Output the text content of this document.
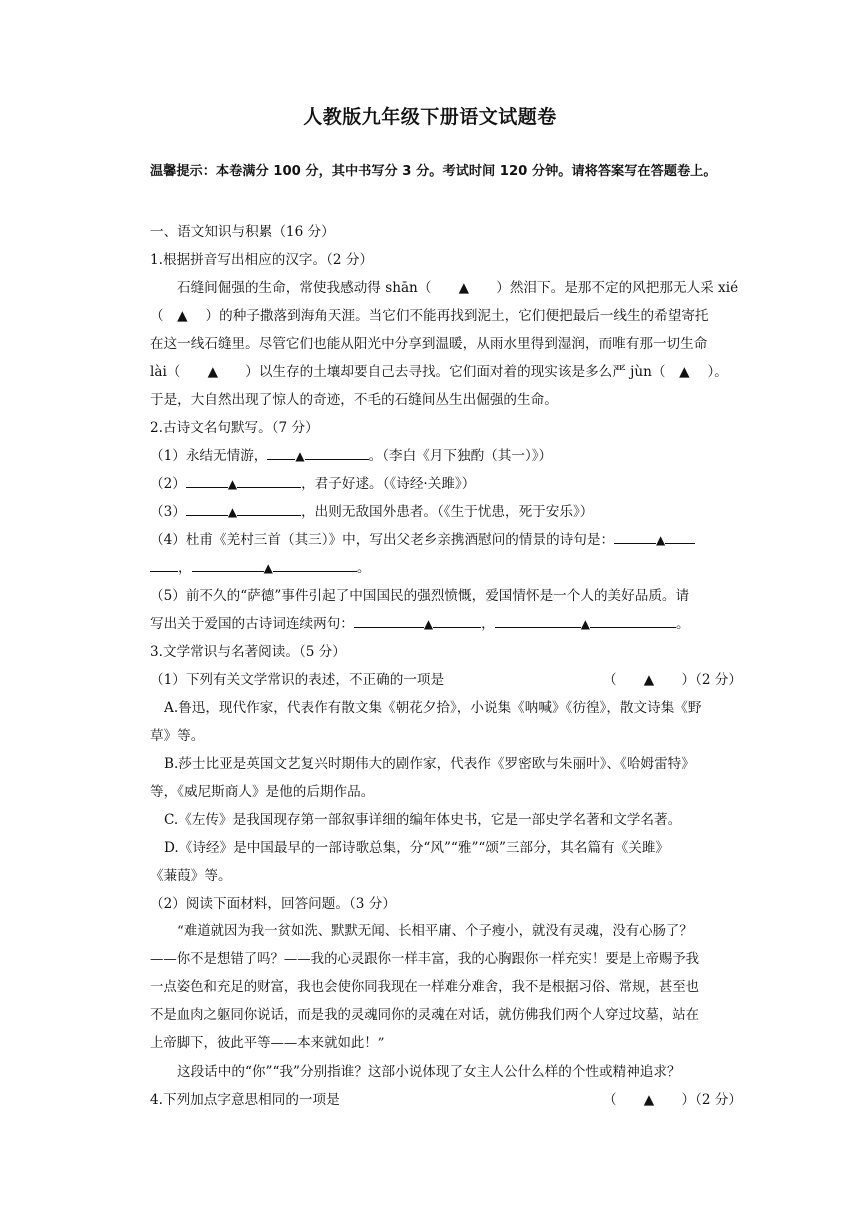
人教版九年级下册语文试题卷
温馨提示：本卷满分 100 分，其中书写分 3 分。考试时间 120 分钟。请将答案写在答题卷上。
一、语文知识与积累（16 分）
1.根据拼音写出相应的汉字。（2 分）
石缝间倔强的生命，常使我感动得 shān（　　▲　　）然泪下。是那不定的风把那无人采 xié
（　▲　 ）的种子撒落到海角天涯。当它们不能再找到泥土，它们便把最后一线生的希望寄托
在这一线石缝里。尽管它们也能从阳光中分享到温暖，从雨水里得到湿润，而唯有那一切生命
lài（　　▲　　）以生存的土壤却要自己去寻找。它们面对着的现实该是多么严 jùn（　▲　 ）。
于是，大自然出现了惊人的奇迹，不毛的石缝间丛生出倔强的生命。
2.古诗文名句默写。（7 分）
（1）永结无情游， ▲	。（李白《月下独酌（其一）》）
（2）	▲	，君子好逑。（《诗经·关雎》）
（3）	▲	，出则无敌国外患者。（《生于忧患，死于安乐》）
（4）杜甫《羌村三首（其三）》中，写出父老乡亲携酒慰问的情景的诗句是：	▲
，	▲	。
（5）前不久的“萨德”事件引起了中国国民的强烈愤慨，爱国情怀是一个人的美好品质。请
写出关于爱国的古诗词连续两句：	▲	，	▲	。
3.文学常识与名著阅读。（5 分）
（1）下列有关文学常识的表述，不正确的一项是	（　　▲　　）（2 分）
A.鲁迅，现代作家，代表作有散文集《朝花夕拾》，小说集《呐喊》《彷徨》，散文诗集《野
草》等。
B.莎士比亚是英国文艺复兴时期伟大的剧作家，代表作《罗密欧与朱丽叶》、《哈姆雷特》
等，《威尼斯商人》是他的后期作品。
C.《左传》是我国现存第一部叙事详细的编年体史书，它是一部史学名著和文学名著。
D.《诗经》是中国最早的一部诗歌总集，分“风”“雅”“颂”三部分，其名篇有《关雎》
《蒹葭》等。
（2）阅读下面材料，回答问题。（3 分）
“难道就因为我一贫如洗、默默无闻、长相平庸、个子瘦小，就没有灵魂，没有心肠了？
——你不是想错了吗？——我的心灵跟你一样丰富，我的心胸跟你一样充实！要是上帝赐予我
一点姿色和充足的财富，我也会使你同我现在一样难分难舍，我不是根据习俗、常规，甚至也
不是血肉之躯同你说话，而是我的灵魂同你的灵魂在对话，就仿佛我们两个人穿过坟墓，站在
上帝脚下，彼此平等——本来就如此！”
这段话中的“你”“我”分别指谁？这部小说体现了女主人公什么样的个性或精神追求？
4.下列加点字意思相同的一项是	（　　▲　　）（2 分）
